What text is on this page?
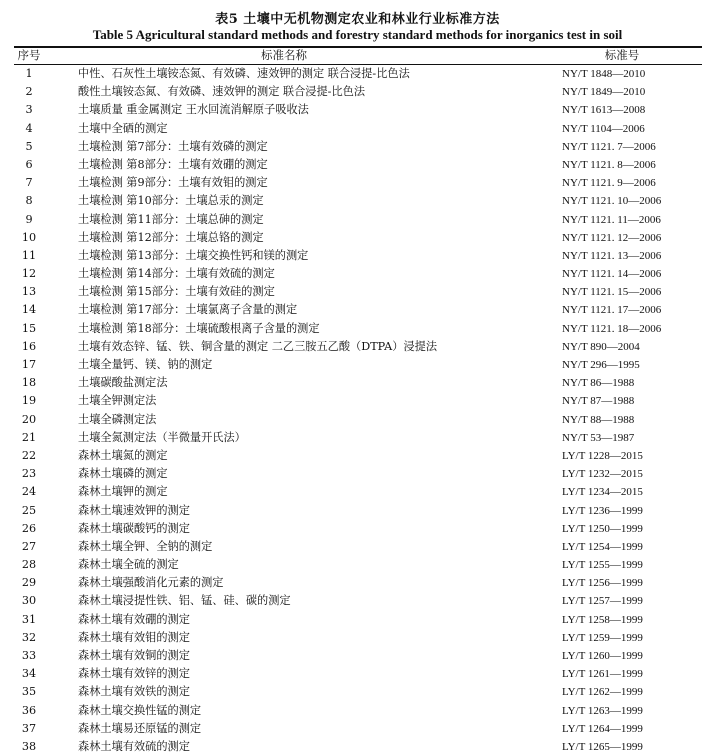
表5 土壤中无机物测定农业和林业行业标准方法
Table 5 Agricultural standard methods and forestry standard methods for inorganics test in soil
序号	标准名称	标准号
1	中性、石灰性土壤铵态氮、有效磷、速效钾的测定 联合浸提-比色法	NY/T 1848—2010
2	酸性土壤铵态氮、有效磷、速效钾的测定 联合浸提-比色法	NY/T 1849—2010
3	土壤质量 重金属测定 王水回流消解原子吸收法	NY/T 1613—2008
4	土壤中全硒的测定	NY/T 1104—2006
5	土壤检测 第7部分：土壤有效磷的测定	NY/T 1121. 7—2006
6	土壤检测 第8部分：土壤有效硼的测定	NY/T 1121. 8—2006
7	土壤检测 第9部分：土壤有效钼的测定	NY/T 1121. 9—2006
8	土壤检测 第10部分：土壤总汞的测定	NY/T 1121. 10—2006
9	土壤检测 第11部分：土壤总砷的测定	NY/T 1121. 11—2006
10	土壤检测 第12部分：土壤总铬的测定	NY/T 1121. 12—2006
11	土壤检测 第13部分：土壤交换性钙和镁的测定	NY/T 1121. 13—2006
12	土壤检测 第14部分：土壤有效硫的测定	NY/T 1121. 14—2006
13	土壤检测 第15部分：土壤有效硅的测定	NY/T 1121. 15—2006
14	土壤检测 第17部分：土壤氯离子含量的测定	NY/T 1121. 17—2006
15	土壤检测 第18部分：土壤硫酸根离子含量的测定	NY/T 1121. 18—2006
16	土壤有效态锌、锰、铁、铜含量的测定 二乙三胺五乙酸（DTPA）浸提法	NY/T 890—2004
17	土壤全量钙、镁、钠的测定	NY/T 296—1995
18	土壤碳酸盐测定法	NY/T 86—1988
19	土壤全钾测定法	NY/T 87—1988
20	土壤全磷测定法	NY/T 88—1988
21	土壤全氮测定法（半微量开氏法）	NY/T 53—1987
22	森林土壤氮的测定	LY/T 1228—2015
23	森林土壤磷的测定	LY/T 1232—2015
24	森林土壤钾的测定	LY/T 1234—2015
25	森林土壤速效钾的测定	LY/T 1236—1999
26	森林土壤碳酸钙的测定	LY/T 1250—1999
27	森林土壤全钾、全钠的测定	LY/T 1254—1999
28	森林土壤全硫的测定	LY/T 1255—1999
29	森林土壤强酸消化元素的测定	LY/T 1256—1999
30	森林土壤浸提性铁、铝、锰、硅、碳的测定	LY/T 1257—1999
31	森林土壤有效硼的测定	LY/T 1258—1999
32	森林土壤有效钼的测定	LY/T 1259—1999
33	森林土壤有效铜的测定	LY/T 1260—1999
34	森林土壤有效锌的测定	LY/T 1261—1999
35	森林土壤有效铁的测定	LY/T 1262—1999
36	森林土壤交换性锰的测定	LY/T 1263—1999
37	森林土壤易还原锰的测定	LY/T 1264—1999
38	森林土壤有效硫的测定	LY/T 1265—1999
